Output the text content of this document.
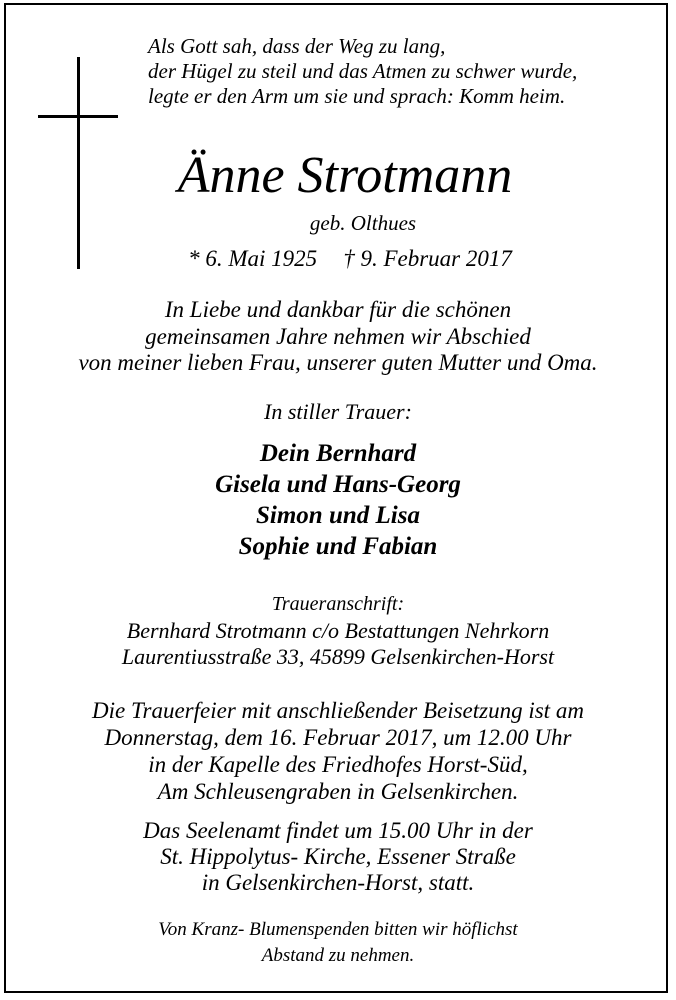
Als Gott sah, dass der Weg zu lang,
der Hügel zu steil und das Atmen zu schwer wurde,
legte er den Arm um sie und sprach: Komm heim.
Änne Strotmann
geb. Olthues
* 6. Mai 1925 † 9. Februar 2017
In Liebe und dankbar für die schönen
gemeinsamen Jahre nehmen wir Abschied
von meiner lieben Frau, unserer guten Mutter und Oma.
In stiller Trauer:
Dein Bernhard
Gisela und Hans-Georg
Simon und Lisa
Sophie und Fabian
Traueranschrift:
Bernhard Strotmann c/o Bestattungen Nehrkorn
Laurentiusstraße 33, 45899 Gelsenkirchen-Horst
Die Trauerfeier mit anschließender Beisetzung ist am
Donnerstag, dem 16. Februar 2017, um 12.00 Uhr
in der Kapelle des Friedhofes Horst-Süd,
Am Schleusengraben in Gelsenkirchen.
Das Seelenamt findet um 15.00 Uhr in der
St. Hippolytus- Kirche, Essener Straße
in Gelsenkirchen-Horst, statt.
Von Kranz- Blumenspenden bitten wir höflichst
Abstand zu nehmen.
